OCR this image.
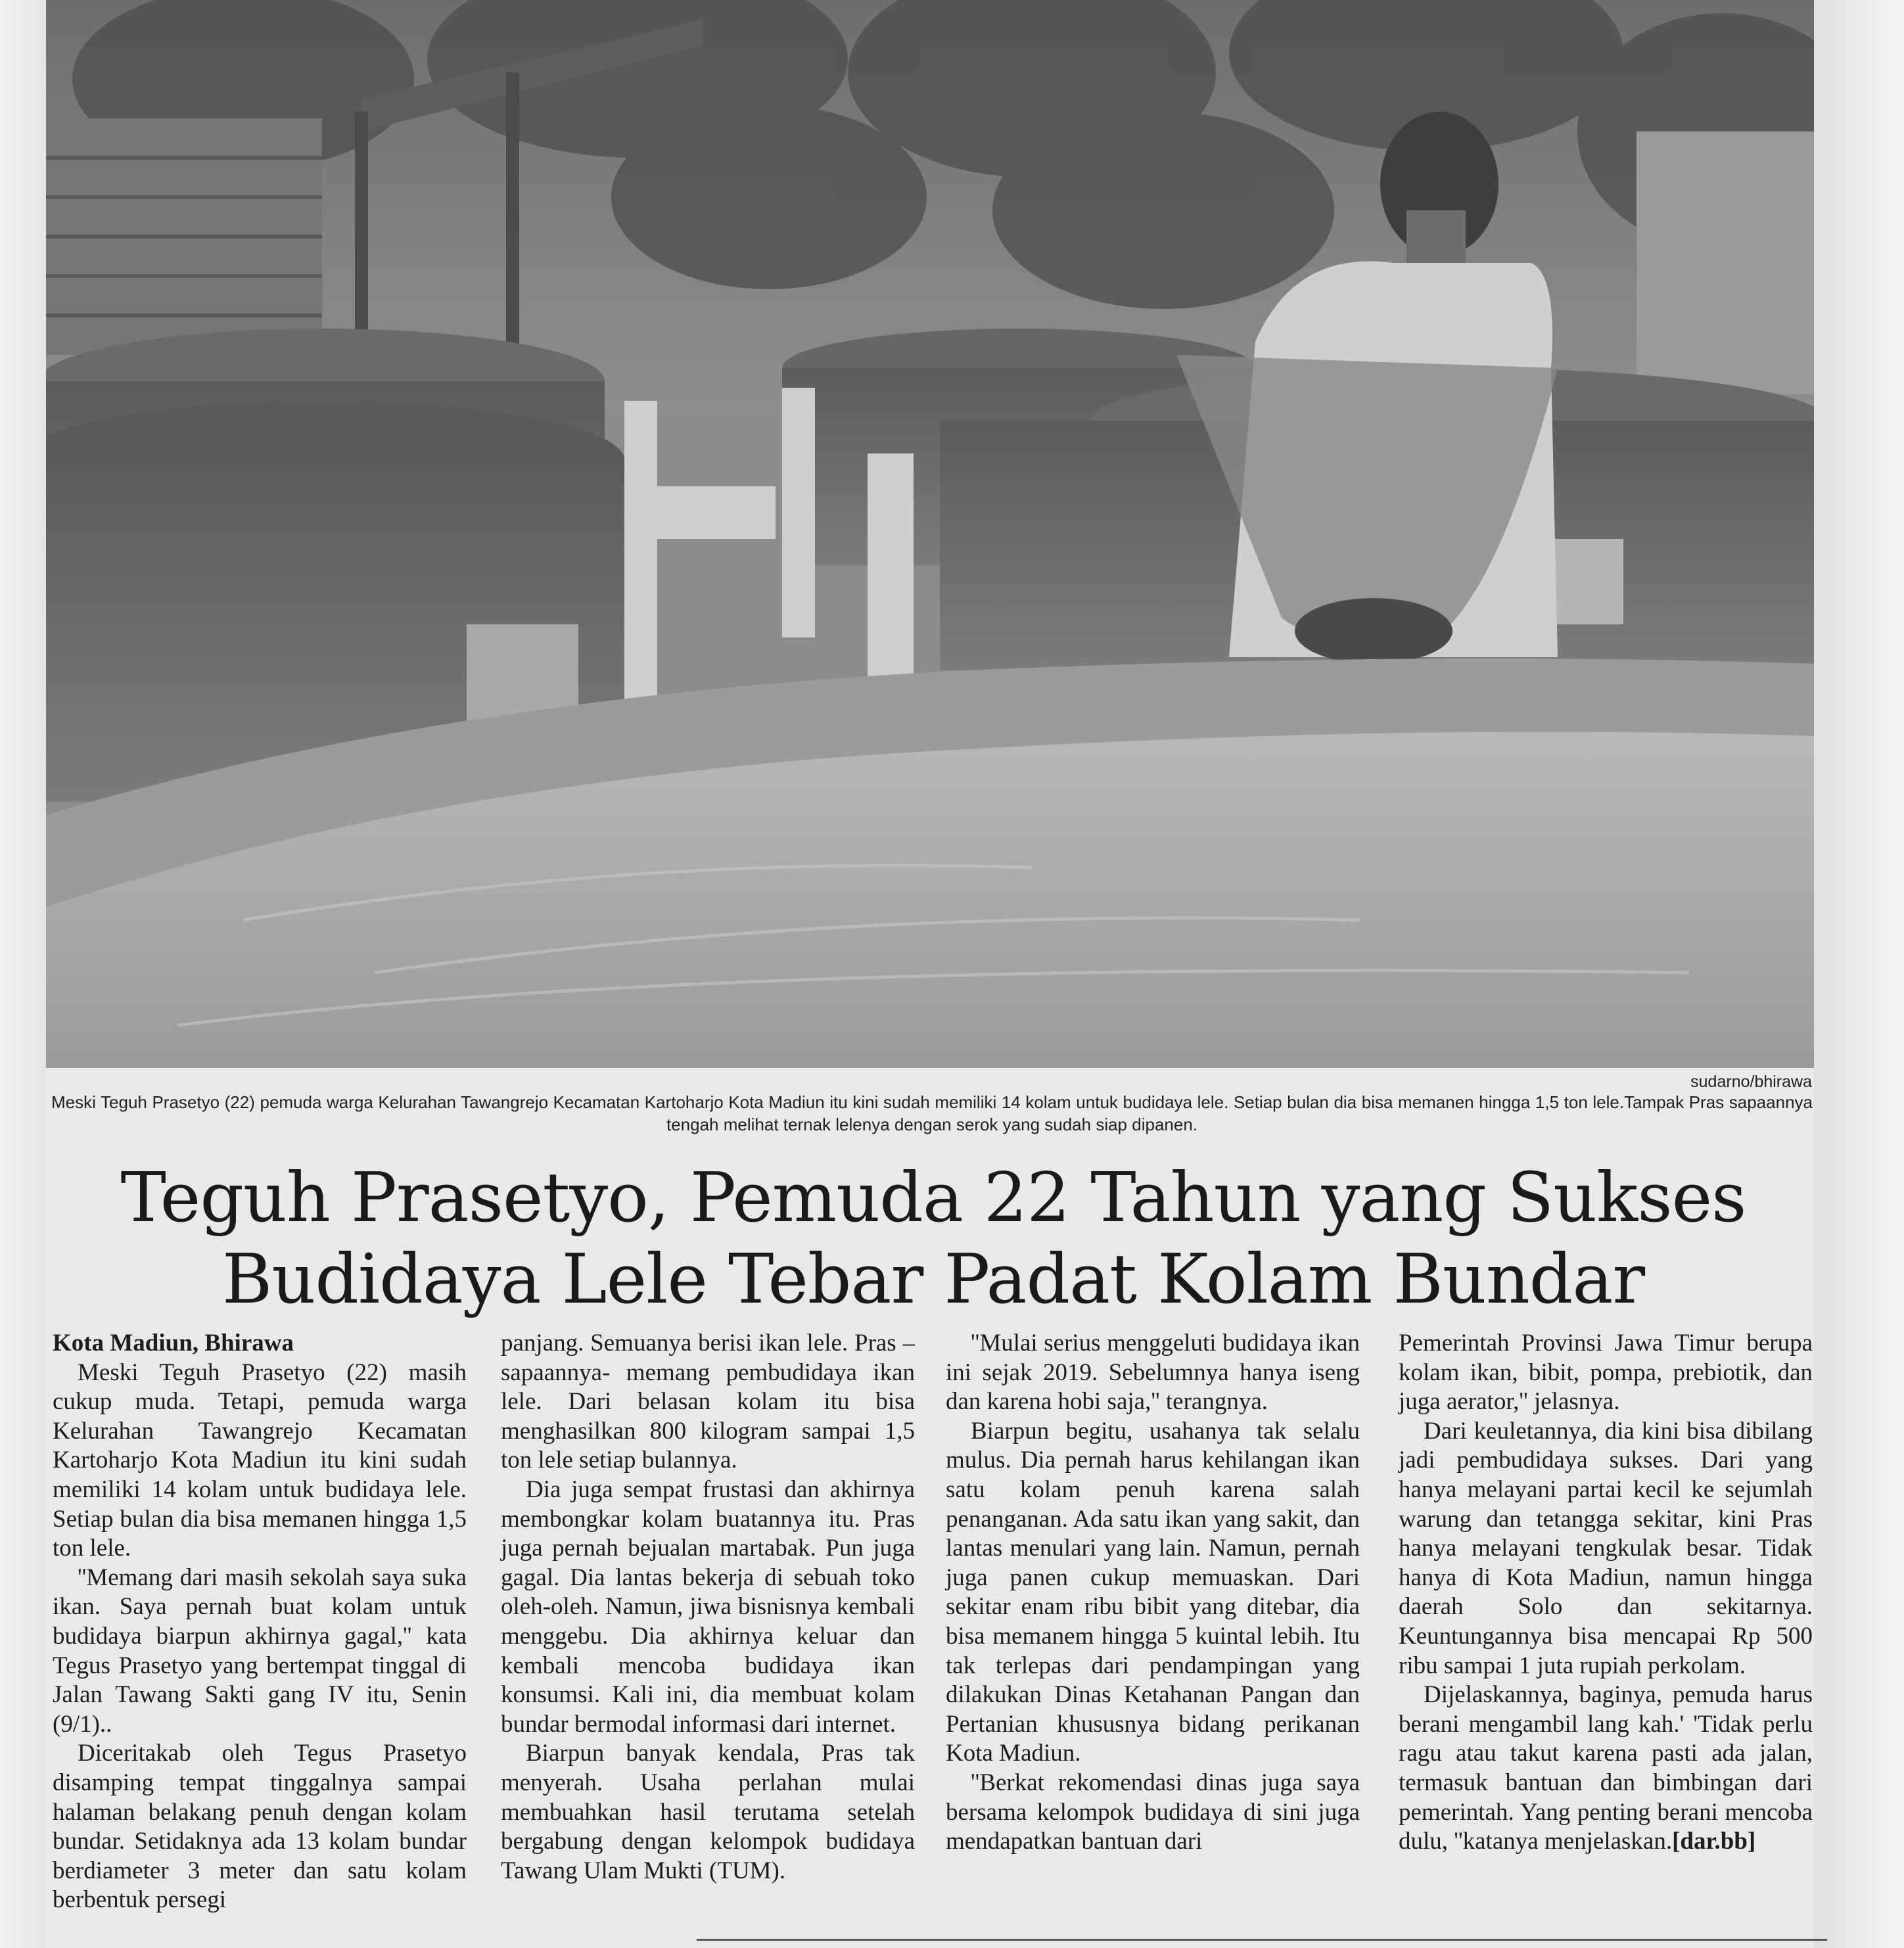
sudarno/bhirawa
Meski Teguh Prasetyo (22) pemuda warga Kelurahan Tawangrejo Kecamatan Kartoharjo Kota Madiun itu kini sudah memiliki 14 kolam untuk budidaya lele. Setiap bulan dia bisa memanen hingga 1,5 ton lele.Tampak Pras sapaannya tengah melihat ternak lelenya dengan serok yang sudah siap dipanen.
Teguh Prasetyo, Pemuda 22 Tahun yang Sukses
Budidaya Lele Tebar Padat Kolam Bundar
Kota Madiun, Bhirawa

Meski Teguh Prasetyo (22) masih cukup muda. Tetapi, pemuda warga Kelurahan Tawangrejo Kecamatan Kartoharjo Kota Madiun itu kini sudah memiliki 14 kolam untuk budidaya lele. Setiap bulan dia bisa memanen hingga 1,5 ton lele.

''Memang dari masih sekolah saya suka ikan. Saya pernah buat kolam untuk budidaya biarpun akhirnya gagal,'' kata Tegus Prasetyo yang bertempat tinggal di Jalan Tawang Sakti gang IV itu, Senin (9/1)..

Diceritakab oleh Tegus Prasetyo disamping tempat tinggalnya sampai halaman belakang penuh dengan kolam bundar. Setidaknya ada 13 kolam bundar berdiameter 3 meter dan satu kolam berbentuk persegi

panjang. Semuanya berisi ikan lele. Pras –sapaannya- memang pembudidaya ikan lele. Dari belasan kolam itu bisa menghasilkan 800 kilogram sampai 1,5 ton lele setiap bulannya.

Dia juga sempat frustasi dan akhirnya membongkar kolam buatannya itu. Pras juga pernah bejualan martabak. Pun juga gagal. Dia lantas bekerja di sebuah toko oleh-oleh. Namun, jiwa bisnisnya kembali menggebu. Dia akhirnya keluar dan kembali mencoba budidaya ikan konsumsi. Kali ini, dia membuat kolam bundar bermodal informasi dari internet.

Biarpun banyak kendala, Pras tak menyerah. Usaha perlahan mulai membuahkan hasil terutama setelah bergabung dengan kelompok budidaya Tawang Ulam Mukti (TUM).

''Mulai serius menggeluti budidaya ikan ini sejak 2019. Sebelumnya hanya iseng dan karena hobi saja,'' terangnya.

Biarpun begitu, usahanya tak selalu mulus. Dia pernah harus kehilangan ikan satu kolam penuh karena salah penanganan. Ada satu ikan yang sakit, dan lantas menulari yang lain. Namun, pernah juga panen cukup memuaskan. Dari sekitar enam ribu bibit yang ditebar, dia bisa memanem hingga 5 kuintal lebih. Itu tak terlepas dari pendampingan yang dilakukan Dinas Ketahanan Pangan dan Pertanian khususnya bidang perikanan Kota Madiun.

''Berkat rekomendasi dinas juga saya bersama kelompok budidaya di sini juga mendapatkan bantuan dari

Pemerintah Provinsi Jawa Timur berupa kolam ikan, bibit, pompa, prebiotik, dan juga aerator,'' jelasnya.

Dari keuletannya, dia kini bisa dibilang jadi pembudidaya sukses. Dari yang hanya melayani partai kecil ke sejumlah warung dan tetangga sekitar, kini Pras hanya melayani tengkulak besar. Tidak hanya di Kota Madiun, namun hingga daerah Solo dan sekitarnya. Keuntungannya bisa mencapai Rp 500 ribu sampai 1 juta rupiah perkolam.

Dijelaskannya, baginya, pemuda harus berani mengambil lang kah.' 'Tidak perlu ragu atau takut karena pasti ada jalan, termasuk bantuan dan bimbingan dari pemerintah. Yang penting berani mencoba dulu, ''katanya menjelaskan.[dar.bb]
